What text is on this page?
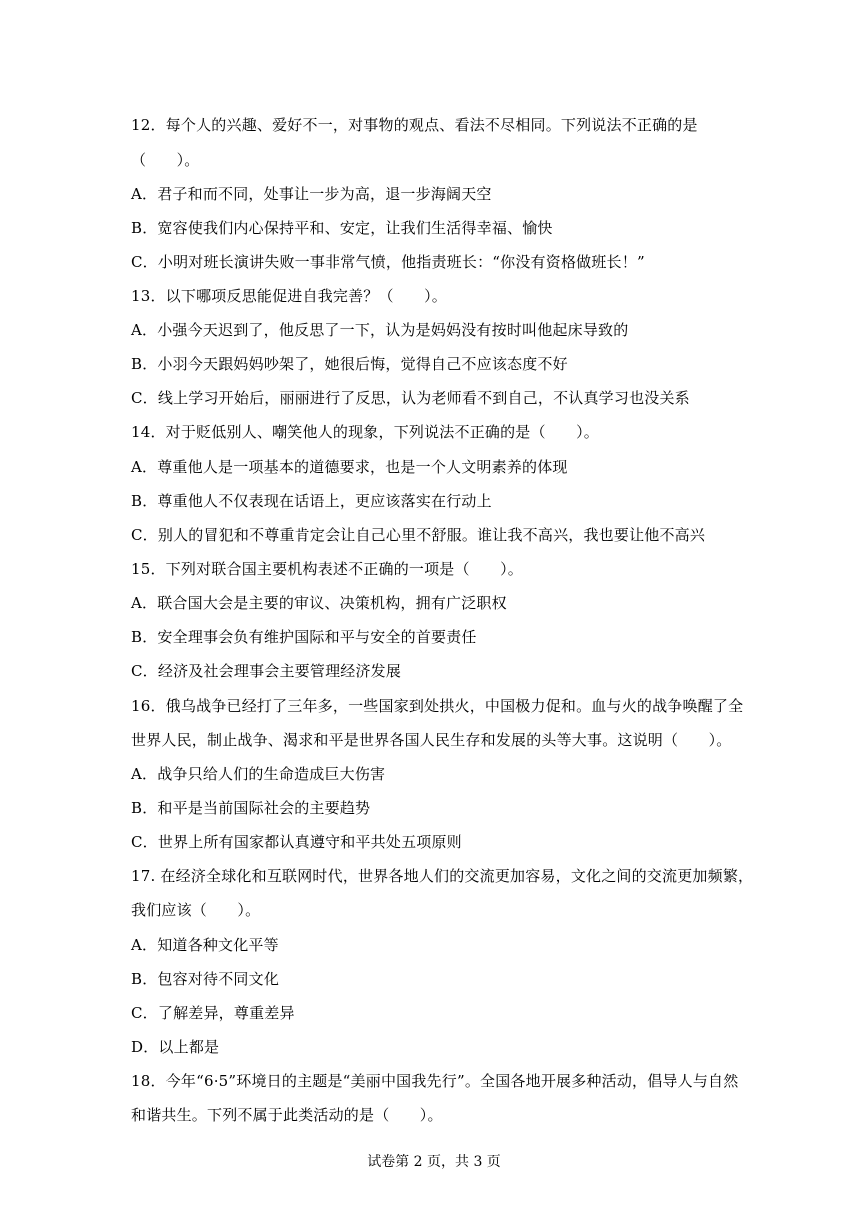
12．每个人的兴趣、爱好不一，对事物的观点、看法不尽相同。下列说法不正确的是
（　　）。
A．君子和而不同，处事让一步为高，退一步海阔天空
B．宽容使我们内心保持平和、安定，让我们生活得幸福、愉快
C．小明对班长演讲失败一事非常气愤，他指责班长：“你没有资格做班长！”
13．以下哪项反思能促进自我完善？（　　）。
A．小强今天迟到了，他反思了一下，认为是妈妈没有按时叫他起床导致的
B．小羽今天跟妈妈吵架了，她很后悔，觉得自己不应该态度不好
C．线上学习开始后，丽丽进行了反思，认为老师看不到自己，不认真学习也没关系
14．对于贬低别人、嘲笑他人的现象，下列说法不正确的是（　　）。
A．尊重他人是一项基本的道德要求，也是一个人文明素养的体现
B．尊重他人不仅表现在话语上，更应该落实在行动上
C．别人的冒犯和不尊重肯定会让自己心里不舒服。谁让我不高兴，我也要让他不高兴
15．下列对联合国主要机构表述不正确的一项是（　　）。
A．联合国大会是主要的审议、决策机构，拥有广泛职权
B．安全理事会负有维护国际和平与安全的首要责任
C．经济及社会理事会主要管理经济发展
16．俄乌战争已经打了三年多，一些国家到处拱火，中国极力促和。血与火的战争唤醒了全
世界人民，制止战争、渴求和平是世界各国人民生存和发展的头等大事。这说明（　　）。
A．战争只给人们的生命造成巨大伤害
B．和平是当前国际社会的主要趋势
C．世界上所有国家都认真遵守和平共处五项原则
17. 在经济全球化和互联网时代，世界各地人们的交流更加容易，文化之间的交流更加频繁，
我们应该（　　）。
A．知道各种文化平等
B．包容对待不同文化
C．了解差异，尊重差异
D．以上都是
18．今年“6·5”环境日的主题是“美丽中国我先行”。全国各地开展多种活动，倡导人与自然
和谐共生。下列不属于此类活动的是（　　）。
试卷第 2 页，共 3 页
